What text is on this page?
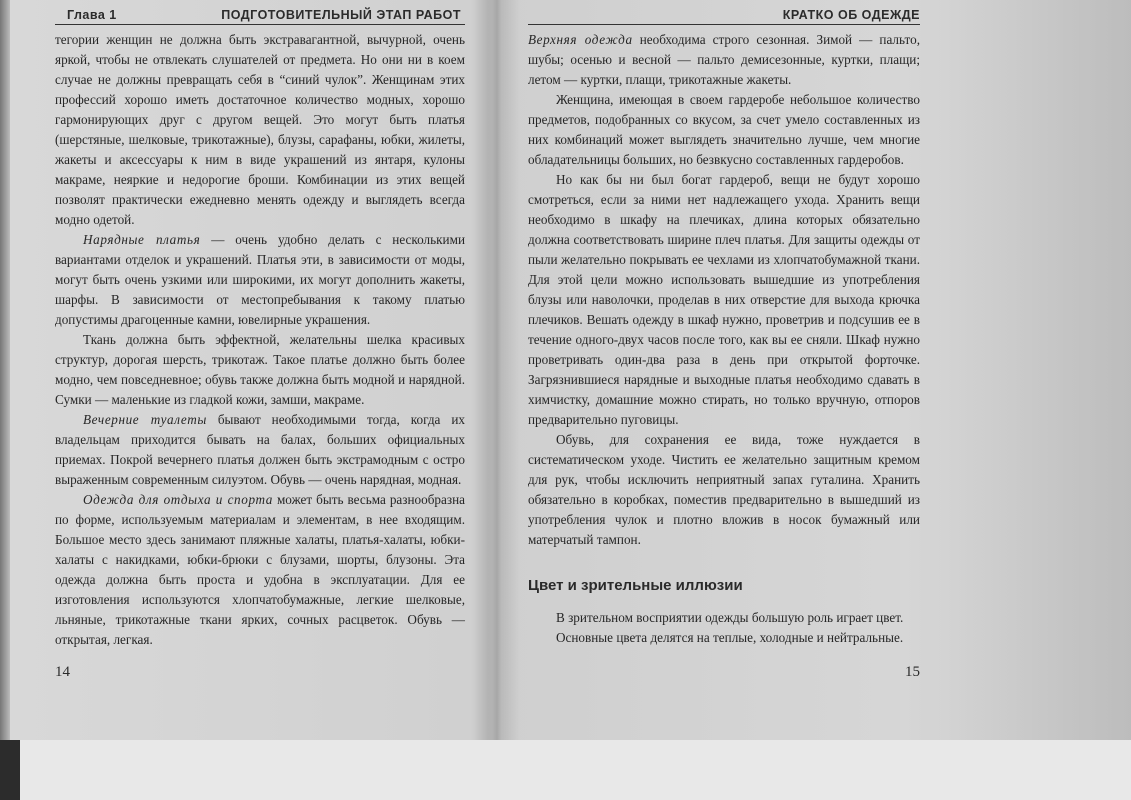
Глава 1	ПОДГОТОВИТЕЛЬНЫЙ ЭТАП РАБОТ

тегории женщин не должна быть экстравагантной, вычурной, очень яркой, чтобы не отвлекать слушателей от предмета. Но они ни в коем случае не должны превращать себя в “синий чулок”. Женщинам этих профессий хорошо иметь достаточное количество модных, хорошо гармонирующих друг с другом вещей. Это могут быть платья (шерстяные, шелковые, трикотажные), блузы, сарафаны, юбки, жилеты, жакеты и аксессуары к ним в виде украшений из янтаря, кулоны макраме, неяркие и недорогие броши. Комбинации из этих вещей позволят практически ежедневно менять одежду и выглядеть всегда модно одетой.

Нарядные платья — очень удобно делать с несколькими вариантами отделок и украшений. Платья эти, в зависимости от моды, могут быть очень узкими или широкими, их могут дополнить жакеты, шарфы. В зависимости от местопребывания к такому платью допустимы драгоценные камни, ювелирные украшения.

Ткань должна быть эффектной, желательны шелка красивых структур, дорогая шерсть, трикотаж. Такое платье должно быть более модно, чем повседневное; обувь также должна быть модной и нарядной. Сумки — маленькие из гладкой кожи, замши, макраме.

Вечерние туалеты бывают необходимыми тогда, когда их владельцам приходится бывать на балах, больших официальных приемах. Покрой вечернего платья должен быть экстрамодным с остро выраженным современным силуэтом. Обувь — очень нарядная, модная.

Одежда для отдыха и спорта может быть весьма разнообразна по форме, используемым материалам и элементам, в нее входящим. Большое место здесь занимают пляжные халаты, платья-халаты, юбки-халаты с накидками, юбки-брюки с блузами, шорты, блузоны. Эта одежда должна быть проста и удобна в эксплуатации. Для ее изготовления используются хлопчатобумажные, легкие шелковые, льняные, трикотажные ткани ярких, сочных расцветок. Обувь — открытая, легкая.

14
КРАТКО ОБ ОДЕЖДЕ

Верхняя одежда необходима строго сезонная. Зимой — пальто, шубы; осенью и весной — пальто демисезонные, куртки, плащи; летом — куртки, плащи, трикотажные жакеты.

Женщина, имеющая в своем гардеробе небольшое количество предметов, подобранных со вкусом, за счет умело составленных из них комбинаций может выглядеть значительно лучше, чем многие обладательницы больших, но безвкусно составленных гардеробов.

Но как бы ни был богат гардероб, вещи не будут хорошо смотреться, если за ними нет надлежащего ухода. Хранить вещи необходимо в шкафу на плечиках, длина которых обязательно должна соответствовать ширине плеч платья. Для защиты одежды от пыли желательно покрывать ее чехлами из хлопчатобумажной ткани. Для этой цели можно использовать вышедшие из употребления блузы или наволочки, проделав в них отверстие для выхода крючка плечиков. Вешать одежду в шкаф нужно, проветрив и подсушив ее в течение одного-двух часов после того, как вы ее сняли. Шкаф нужно проветривать один-два раза в день при открытой форточке. Загрязнившиеся нарядные и выходные платья необходимо сдавать в химчистку, домашние можно стирать, но только вручную, отпоров предварительно пуговицы.

Обувь, для сохранения ее вида, тоже нуждается в систематическом уходе. Чистить ее желательно защитным кремом для рук, чтобы исключить неприятный запах гуталина. Хранить обязательно в коробках, поместив предварительно в вышедший из употребления чулок и плотно вложив в носок бумажный или матерчатый тампон.

Цвет и зрительные иллюзии

В зрительном восприятии одежды большую роль играет цвет.

Основные цвета делятся на теплые, холодные и нейтральные.

15
